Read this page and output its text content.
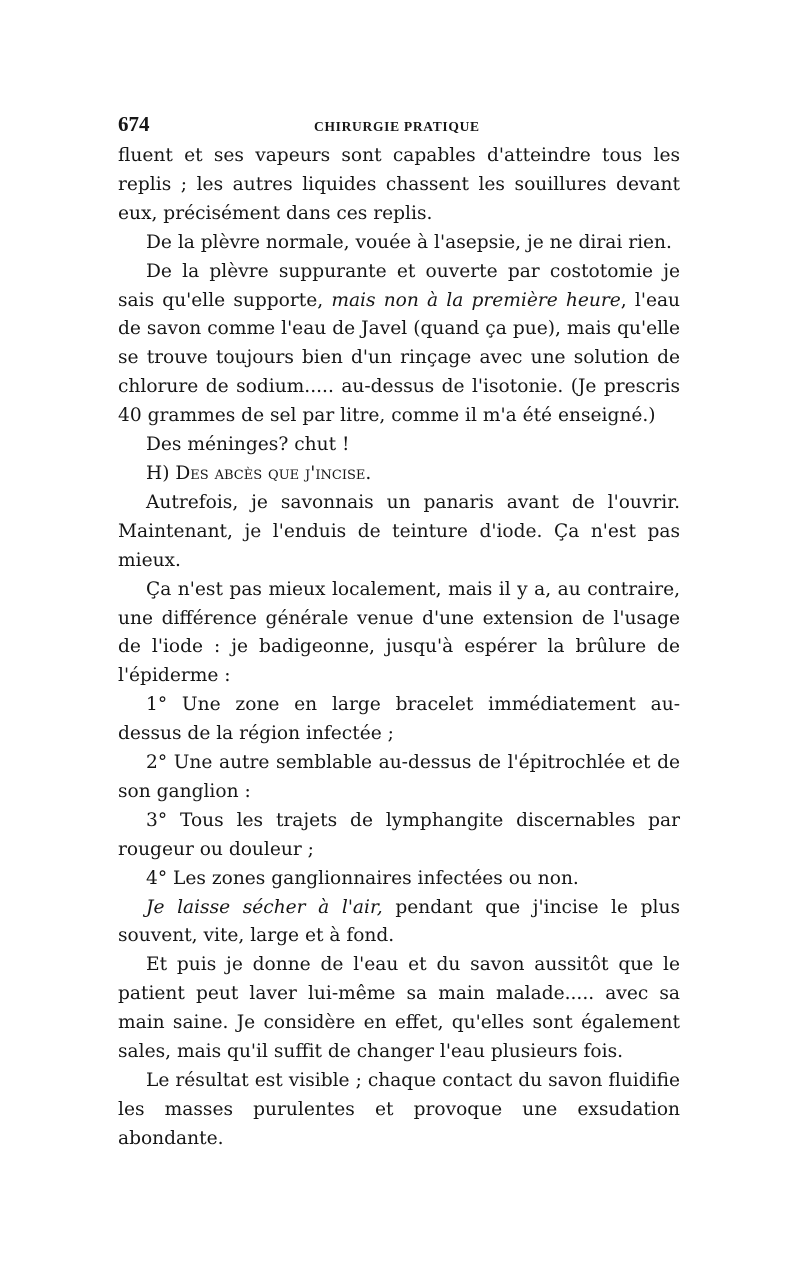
674	CHIRURGIE PRATIQUE

fluent et ses vapeurs sont capables d'atteindre tous les replis ; les autres liquides chassent les souillures devant eux, précisément dans ces replis.

De la plèvre normale, vouée à l'asepsie, je ne dirai rien.

De la plèvre suppurante et ouverte par costotomie je sais qu'elle supporte, mais non à la première heure, l'eau de savon comme l'eau de Javel (quand ça pue), mais qu'elle se trouve toujours bien d'un rinçage avec une solution de chlorure de sodium..... au-dessus de l'isotonie. (Je prescris 40 grammes de sel par litre, comme il m'a été enseigné.)

Des méninges? chut !

H) Des abcès que j'incise.

Autrefois, je savonnais un panaris avant de l'ouvrir. Maintenant, je l'enduis de teinture d'iode. Ça n'est pas mieux.

Ça n'est pas mieux localement, mais il y a, au contraire, une différence générale venue d'une extension de l'usage de l'iode : je badigeonne, jusqu'à espérer la brûlure de l'épiderme :

1° Une zone en large bracelet immédiatement au-dessus de la région infectée ;

2° Une autre semblable au-dessus de l'épitrochlée et de son ganglion :

3° Tous les trajets de lymphangite discernables par rougeur ou douleur ;

4° Les zones ganglionnaires infectées ou non.

Je laisse sécher à l'air, pendant que j'incise le plus souvent, vite, large et à fond.

Et puis je donne de l'eau et du savon aussitôt que le patient peut laver lui-même sa main malade..... avec sa main saine. Je considère en effet, qu'elles sont également sales, mais qu'il suffit de changer l'eau plusieurs fois.

Le résultat est visible ; chaque contact du savon fluidifie les masses purulentes et provoque une exsudation abondante.
